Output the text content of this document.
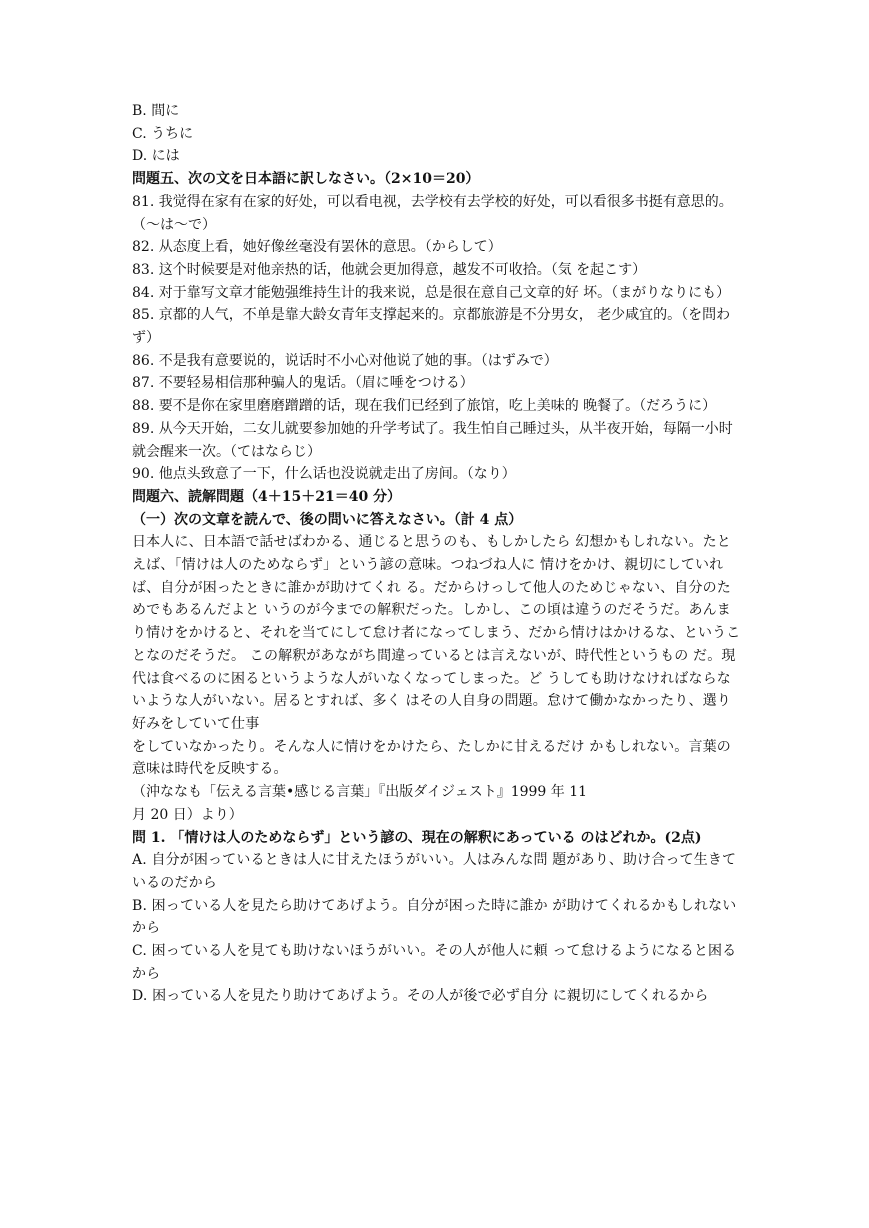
B. 間に
C. うちに
D. には
問題五、次の文を日本語に訳しなさい。（2×10＝20）
81. 我觉得在家有在家的好处，可以看电视，去学校有去学校的好处，可以看很多书挺有意思的。（～は～で）
82. 从态度上看，她好像丝毫没有罢休的意思。（からして）
83. 这个时候要是对他亲热的话，他就会更加得意，越发不可收拾。（気 を起こす）
84. 对于靠写文章才能勉强维持生计的我来说，总是很在意自己文章的好 坏。（まがりなりにも）
85. 京都的人气，不单是靠大龄女青年支撑起来的。京都旅游是不分男女， 老少咸宜的。（を問わず）
86. 不是我有意要说的，说话时不小心对他说了她的事。（はずみで）
87. 不要轻易相信那种骗人的鬼话。（眉に唾をつける）
88. 要不是你在家里磨磨蹭蹭的话，现在我们已经到了旅馆，吃上美味的 晚餐了。（だろうに）
89. 从今天开始，二女儿就要参加她的升学考试了。我生怕自己睡过头，从半夜开始，每隔一小时就会醒来一次。（てはならじ）
90. 他点头致意了一下，什么话也没说就走出了房间。（なり）
問題六、読解問題（4＋15＋21＝40 分）
（一）次の文章を読んで、後の問いに答えなさい。（計 4 点）
日本人に、日本語で話せばわかる、通じると思うのも、もしかしたら 幻想かもしれない。たとえば、「情けは人のためならず」という諺の意味。つねづね人に 情けをかけ、親切にしていれば、自分が困ったときに誰かが助けてくれ る。だからけっして他人のためじゃない、自分のためでもあるんだよと いうのが今までの解釈だった。しかし、この頃は違うのだそうだ。あんまり情けをかけると、それを当てにして怠け者になってしまう、だから情けはかけるな、ということなのだそうだ。 この解釈があながち間違っているとは言えないが、時代性というもの だ。現代は食べるのに困るというような人がいなくなってしまった。ど うしても助けなければならないような人がいない。居るとすれば、多く はその人自身の問題。怠けて働かなかったり、選り好みをしていて仕事
をしていなかったり。そんな人に情けをかけたら、たしかに甘えるだけ かもしれない。言葉の意味は時代を反映する。
（沖ななも「伝える言葉•感じる言葉」『出版ダイジェスト』1999 年 11
月 20 日）より）
問 1. 「情けは人のためならず」という諺の、現在の解釈にあっている のはどれか。(2点)
A. 自分が困っているときは人に甘えたほうがいい。人はみんな問 題があり、助け合って生きているのだから
B. 困っている人を見たら助けてあげよう。自分が困った時に誰か が助けてくれるかもしれないから
C. 困っている人を見ても助けないほうがいい。その人が他人に頼 って怠けるようになると困るから
D. 困っている人を見たり助けてあげよう。その人が後で必ず自分 に親切にしてくれるから
